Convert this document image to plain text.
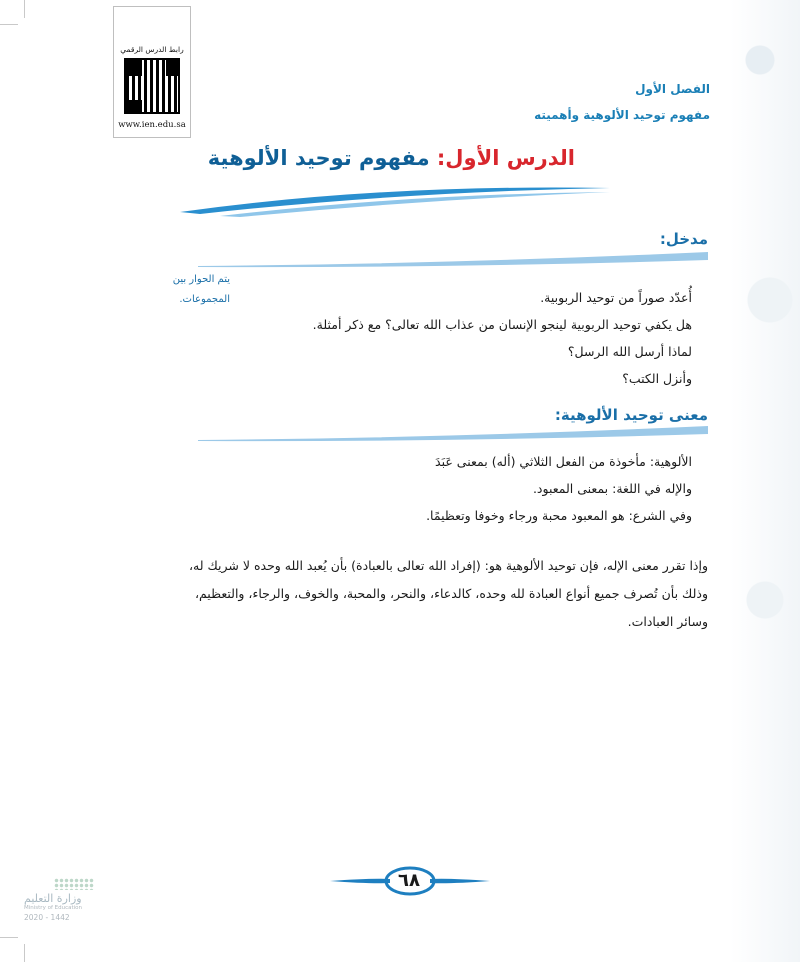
رابط الدرس الرقمي
www.ien.edu.sa
الفصل الأول
مفهوم توحيد الألوهية وأهميته
الدرس الأول: مفهوم توحيد الألوهية
مدخل:
يتم الحوار بين
المجموعات.	أُعدّد صوراً من توحيد الربوبية.
هل يكفي توحيد الربوبية لينجو الإنسان من عذاب الله تعالى؟ مع ذكر أمثلة.
لماذا أرسل الله الرسل؟
وأنزل الكتب؟
معنى توحيد الألوهية:
الألوهية: مأخوذة من الفعل الثلاثي (أله) بمعنى عَبَدَ
والإله في اللغة: بمعنى المعبود.
وفي الشرع: هو المعبود محبة ورجاء وخوفا وتعظيمًا.
وإذا تقرر معنى الإله، فإن توحيد الألوهية هو: (إفراد الله تعالى بالعبادة) بأن يُعبد الله وحده لا شريك له،
وذلك بأن تُصرف جميع أنواع العبادة لله وحده، كالدعاء، والنحر، والمحبة، والخوف، والرجاء، والتعظيم،
وسائر العبادات.
٦٨
وزارة التعليم
Ministry of Education
2020 - 1442
